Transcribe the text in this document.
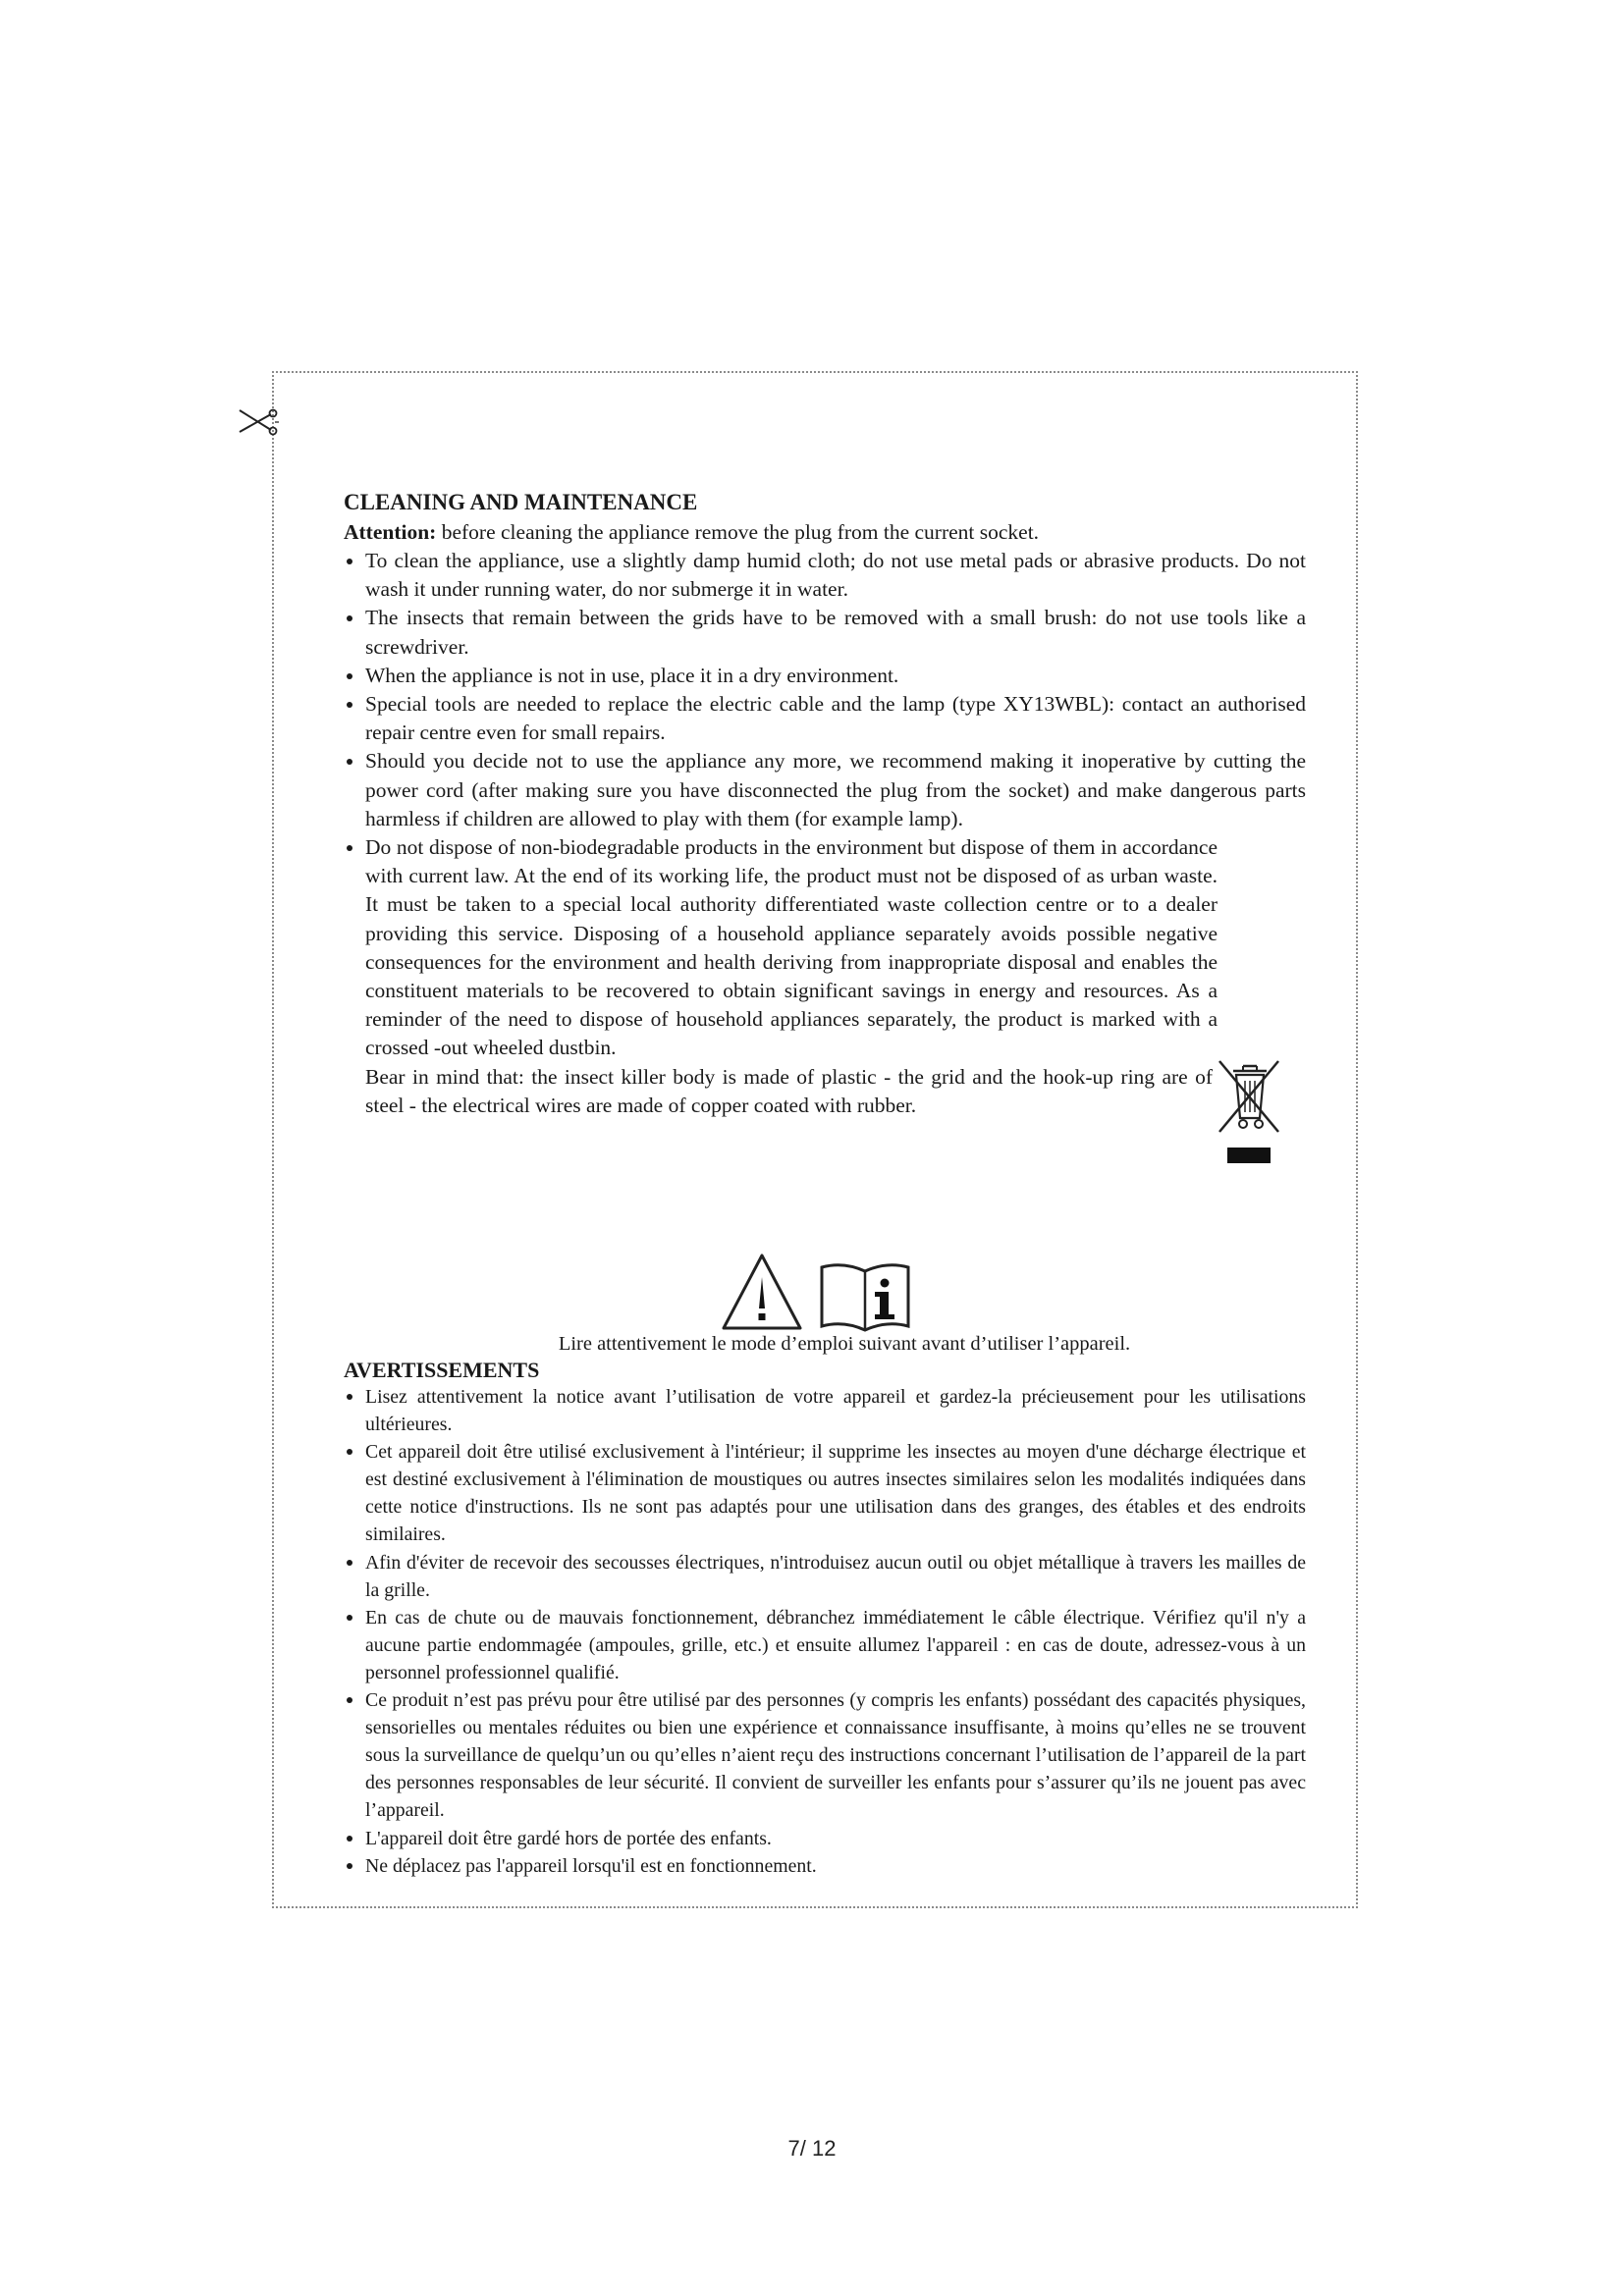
CLEANING AND MAINTENANCE

Attention: before cleaning the appliance remove the plug from the current socket.

To clean the appliance, use a slightly damp humid cloth; do not use metal pads or abrasive products. Do not wash it under running water, do nor submerge it in water.
The insects that remain between the grids have to be removed with a small brush: do not use tools like a screwdriver.
When the appliance is not in use, place it in a dry environment.
Special tools are needed to replace the electric cable and the lamp (type XY13WBL): contact an authorised repair centre even for small repairs.
Should you decide not to use the appliance any more, we recommend making it inoperative by cutting the power cord (after making sure you have disconnected the plug from the socket) and make dangerous parts harmless if children are allowed to play with them (for example lamp).
Do not dispose of non-biodegradable products in the environment but dispose of them in accordance with current law. At the end of its working life, the product must not be disposed of as urban waste. It must be taken to a special local authority differentiated waste collection centre or to a dealer providing this service. Disposing of a household appliance separately avoids possible negative consequences for the environment and health deriving from inappropriate disposal and enables the constituent materials to be recovered to obtain significant savings in energy and resources. As a reminder of the need to dispose of household appliances separately, the product is marked with a crossed -out wheeled dustbin.
Bear in mind that: the insect killer body is made of plastic - the grid and the hook-up ring are of steel - the electrical wires are made of copper coated with rubber.

Lire attentivement le mode d’emploi suivant avant d’utiliser l’appareil.

AVERTISSEMENTS

Lisez attentivement la notice avant l’utilisation de votre appareil et gardez-la précieusement pour les utilisations ultérieures.
Cet appareil doit être utilisé exclusivement à l'intérieur; il supprime les insectes au moyen d'une décharge électrique et est destiné exclusivement à l'élimination de moustiques ou autres insectes similaires selon les modalités indiquées dans cette notice d'instructions. Ils ne sont pas adaptés pour une utilisation dans des granges, des étables et des endroits similaires.
Afin d'éviter de recevoir des secousses électriques, n'introduisez aucun outil ou objet métallique à travers les mailles de la grille.
En cas de chute ou de mauvais fonctionnement, débranchez immédiatement le câble électrique. Vérifiez qu'il n'y a aucune partie endommagée (ampoules, grille, etc.) et ensuite allumez l'appareil : en cas de doute, adressez-vous à un personnel professionnel qualifié.
Ce produit n’est pas prévu pour être utilisé par des personnes (y compris les enfants) possédant des capacités physiques, sensorielles ou mentales réduites ou bien une expérience et connaissance insuffisante, à moins qu’elles ne se trouvent sous la surveillance de quelqu’un ou qu’elles n’aient reçu des instructions concernant l’utilisation de l’appareil de la part des personnes responsables de leur sécurité. Il convient de surveiller les enfants pour s’assurer qu’ils ne jouent pas avec l’appareil.
L'appareil doit être gardé hors de portée des enfants.
Ne déplacez pas l'appareil lorsqu'il est en fonctionnement.
7/ 12
